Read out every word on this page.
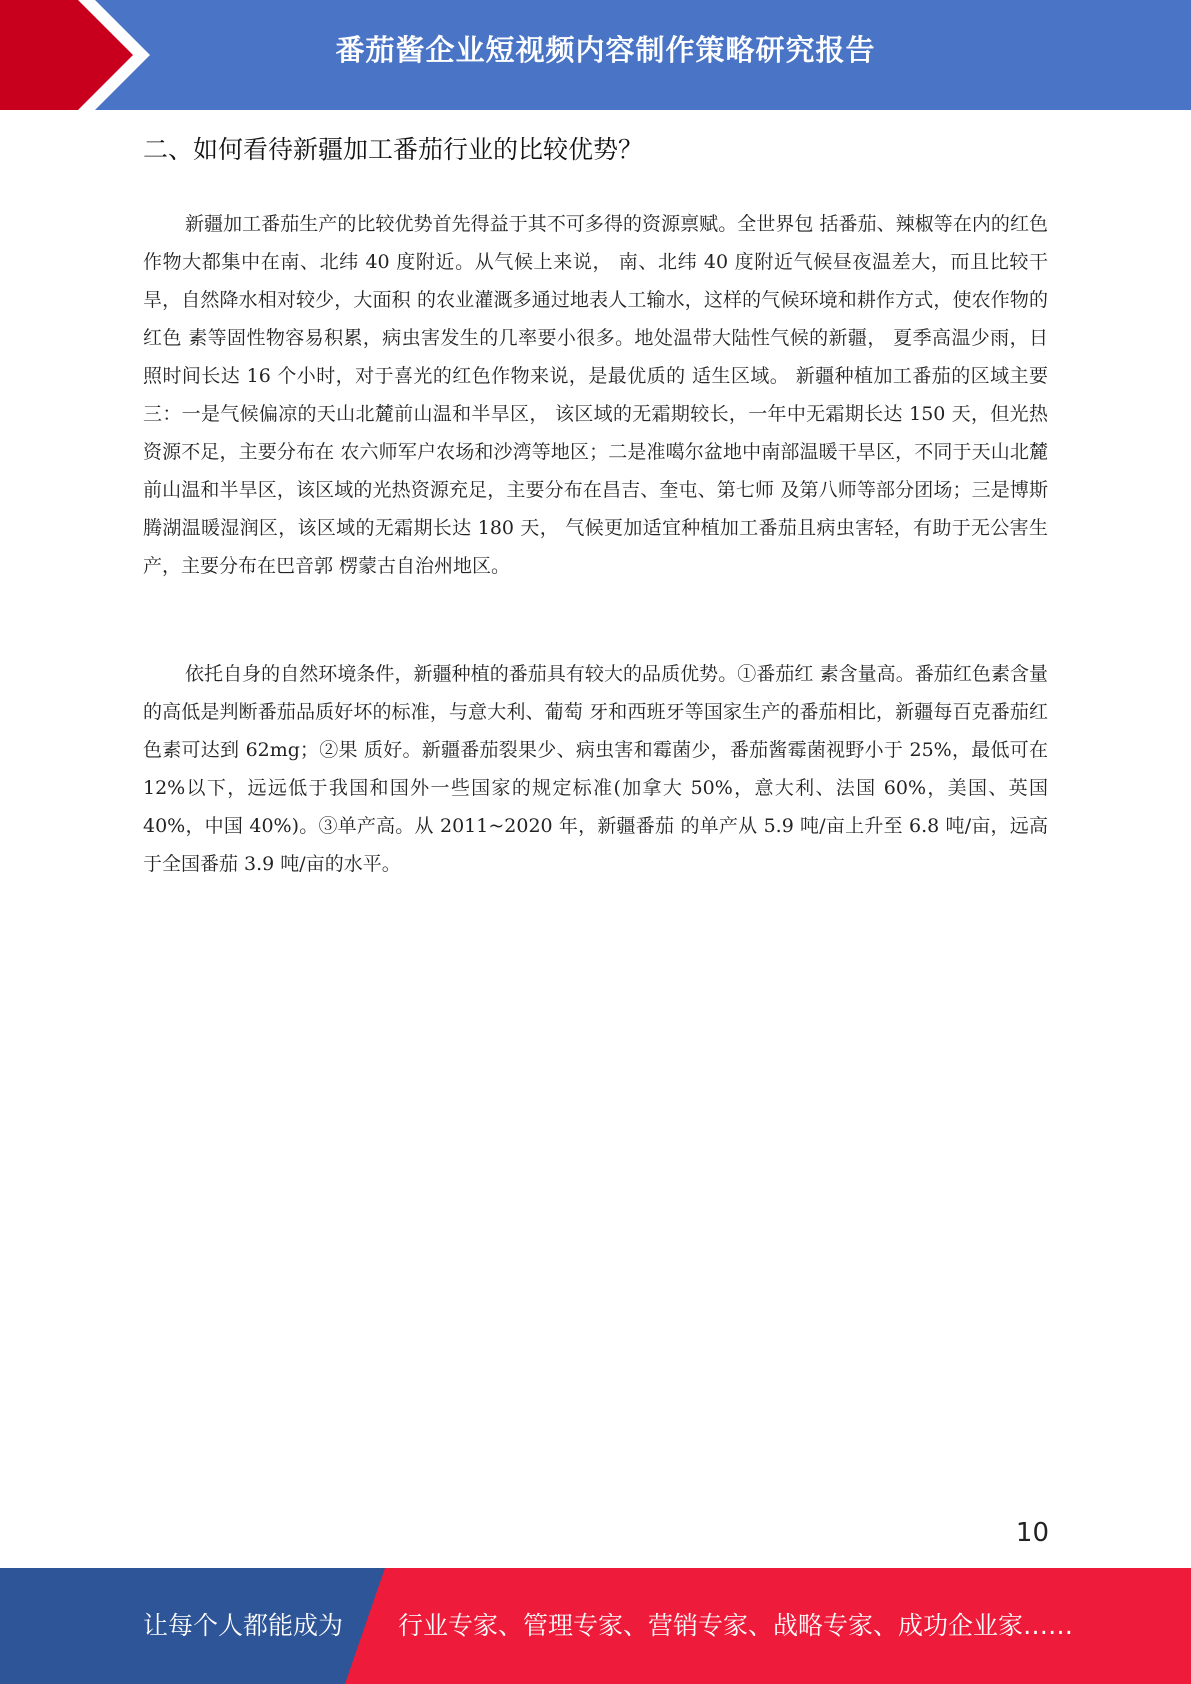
番茄酱企业短视频内容制作策略研究报告
二、如何看待新疆加工番茄行业的比较优势？

新疆加工番茄生产的比较优势首先得益于其不可多得的资源禀赋。全世界包 括番茄、辣椒等在内的红色作物大都集中在南、北纬 40 度附近。从气候上来说， 南、北纬 40 度附近气候昼夜温差大，而且比较干旱，自然降水相对较少，大面积 的农业灌溉多通过地表人工输水，这样的气候环境和耕作方式，使农作物的红色 素等固性物容易积累，病虫害发生的几率要小很多。地处温带大陆性气候的新疆， 夏季高温少雨，日照时间长达 16 个小时，对于喜光的红色作物来说，是最优质的 适生区域。 新疆种植加工番茄的区域主要三：一是气候偏凉的天山北麓前山温和半旱区， 该区域的无霜期较长，一年中无霜期长达 150 天，但光热资源不足，主要分布在 农六师军户农场和沙湾等地区；二是准噶尔盆地中南部温暖干旱区，不同于天山北麓前山温和半旱区，该区域的光热资源充足，主要分布在昌吉、奎屯、第七师 及第八师等部分团场；三是博斯腾湖温暖湿润区，该区域的无霜期长达 180 天， 气候更加适宜种植加工番茄且病虫害轻，有助于无公害生产，主要分布在巴音郭 楞蒙古自治州地区。

依托自身的自然环境条件，新疆种植的番茄具有较大的品质优势。①番茄红 素含量高。番茄红色素含量的高低是判断番茄品质好坏的标准，与意大利、葡萄 牙和西班牙等国家生产的番茄相比，新疆每百克番茄红色素可达到 62mg；②果 质好。新疆番茄裂果少、病虫害和霉菌少，番茄酱霉菌视野小于 25%，最低可在 12%以下，远远低于我国和国外一些国家的规定标准(加拿大 50%，意大利、法国 60%，美国、英国 40%，中国 40%)。③单产高。从 2011~2020 年，新疆番茄 的单产从 5.9 吨/亩上升至 6.8 吨/亩，远高于全国番茄 3.9 吨/亩的水平。

10
让每个人都能成为 行业专家、管理专家、营销专家、战略专家、成功企业家……
